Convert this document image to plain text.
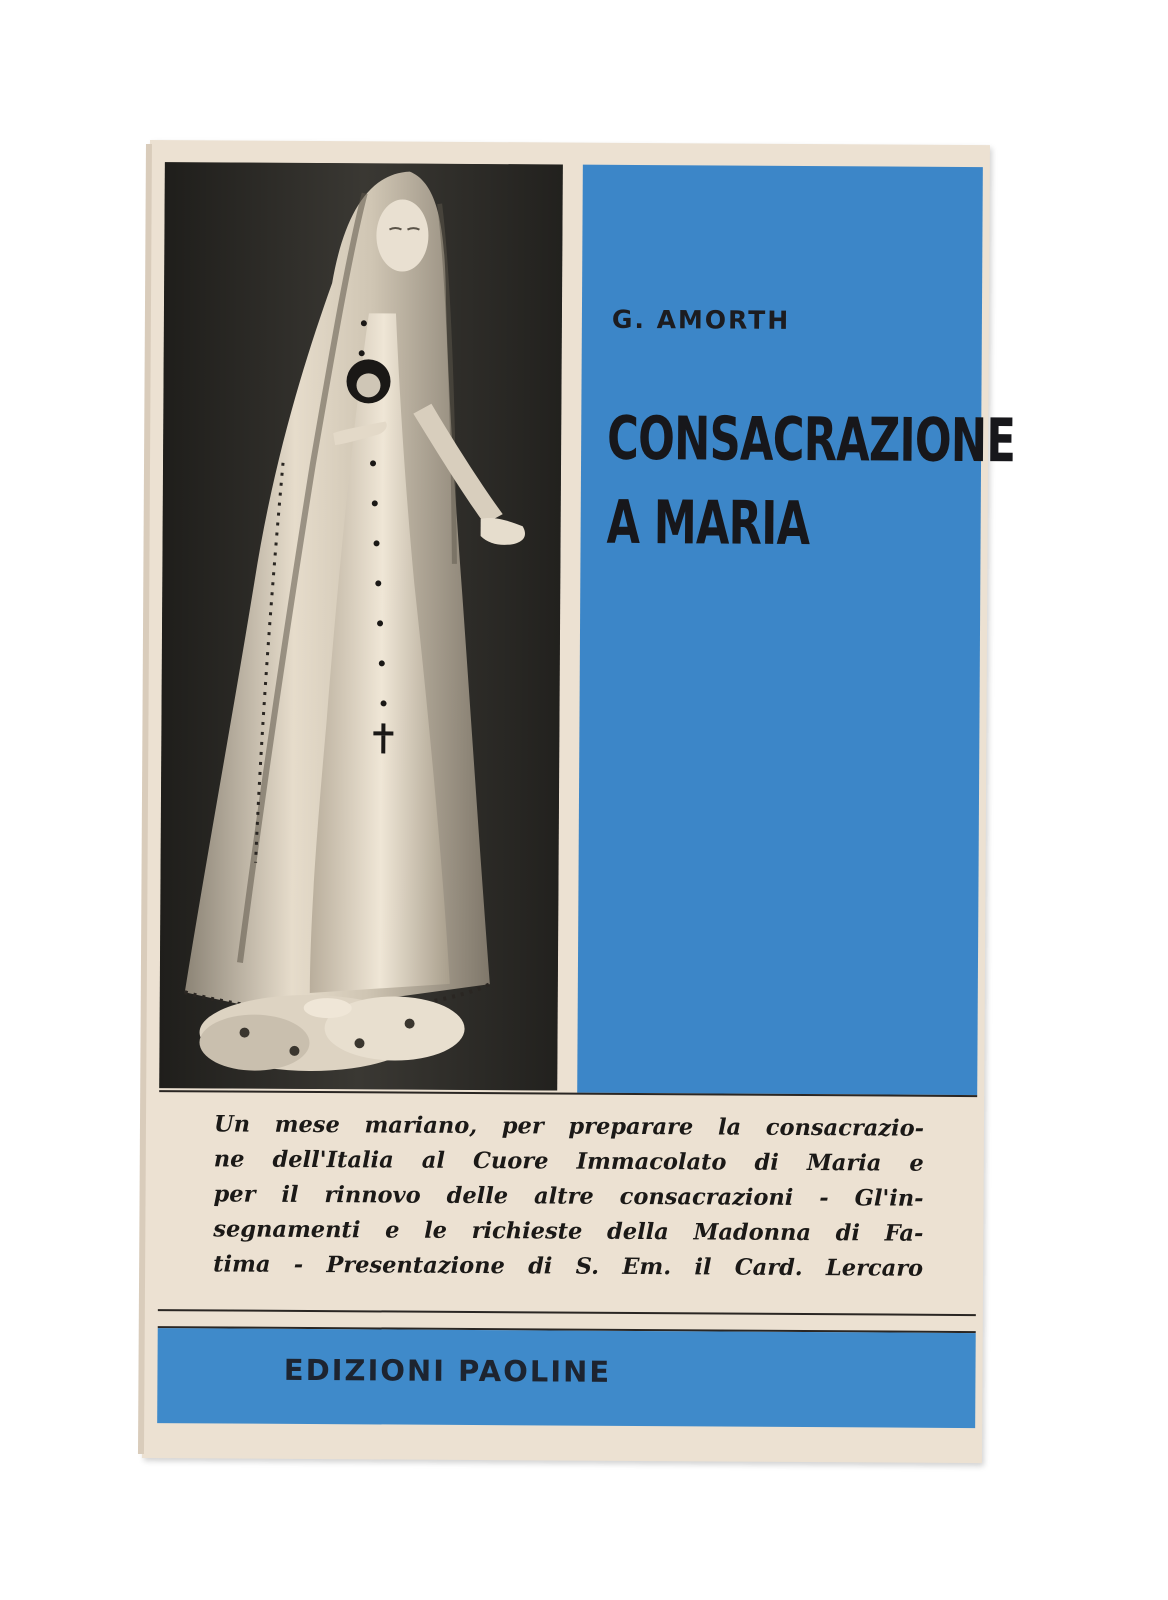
G. AMORTH
CONSACRAZIONE
A MARIA
Un mese mariano, per preparare la consacrazio-
ne dell'Italia al Cuore Immacolato di Maria e
per il rinnovo delle altre consacrazioni - Gl'in-
segnamenti e le richieste della Madonna di Fa-
tima - Presentazione di S. Em. il Card. Lercaro
EDIZIONI PAOLINE
